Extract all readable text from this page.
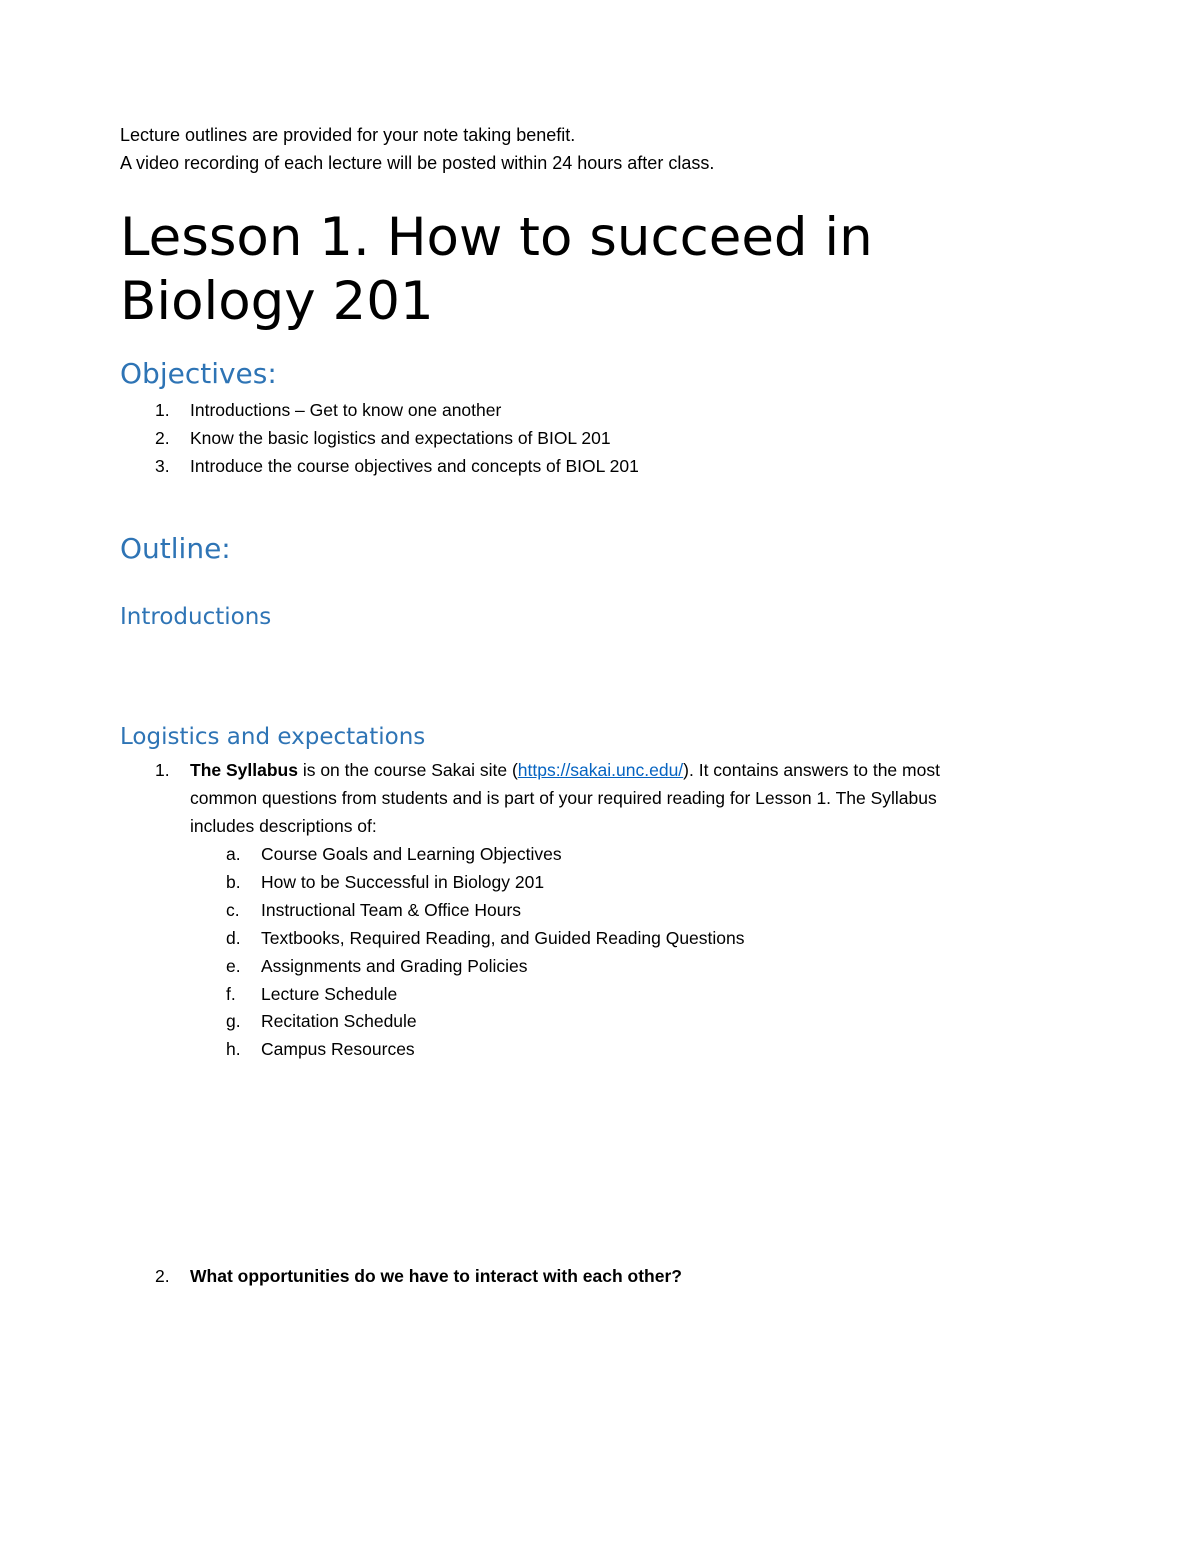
Lecture outlines are provided for your note taking benefit.
A video recording of each lecture will be posted within 24 hours after class.
Lesson 1. How to succeed in
Biology 201
Objectives:
1. Introductions – Get to know one another
2. Know the basic logistics and expectations of BIOL 201
3. Introduce the course objectives and concepts of BIOL 201
Outline:
Introductions
Logistics and expectations
1. The Syllabus is on the course Sakai site (https://sakai.unc.edu/). It contains answers to the most
common questions from students and is part of your required reading for Lesson 1. The Syllabus
includes descriptions of:
a. Course Goals and Learning Objectives
b. How to be Successful in Biology 201
c. Instructional Team & Office Hours
d. Textbooks, Required Reading, and Guided Reading Questions
e. Assignments and Grading Policies
f. Lecture Schedule
g. Recitation Schedule
h. Campus Resources
2. What opportunities do we have to interact with each other?
